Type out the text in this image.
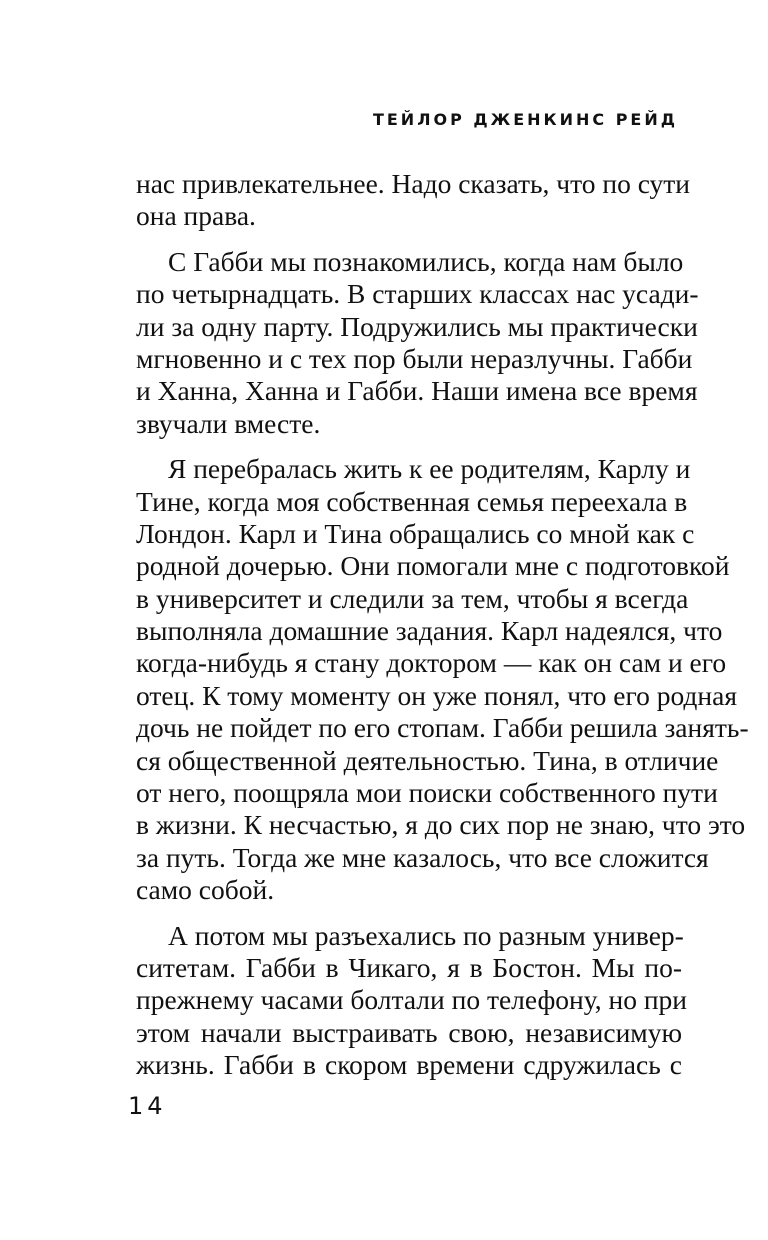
ТЕЙЛОР ДЖЕНКИНС РЕЙД

нас привлекательнее. Надо сказать, что по сути
она права.

С Габби мы познакомились, когда нам было
по четырнадцать. В старших классах нас усади-
ли за одну парту. Подружились мы практически
мгновенно и с тех пор были неразлучны. Габби
и Ханна, Ханна и Габби. Наши имена все время
звучали вместе.

Я перебралась жить к ее родителям, Карлу и
Тине, когда моя собственная семья переехала в
Лондон. Карл и Тина обращались со мной как с
родной дочерью. Они помогали мне с подготовкой
в университет и следили за тем, чтобы я всегда
выполняла домашние задания. Карл надеялся, что
когда-нибудь я стану доктором — как он сам и его
отец. К тому моменту он уже понял, что его родная
дочь не пойдет по его стопам. Габби решила занять-
ся общественной деятельностью. Тина, в отличие
от него, поощряла мои поиски собственного пути
в жизни. К несчастью, я до сих пор не знаю, что это
за путь. Тогда же мне казалось, что все сложится
само собой.

А потом мы разъехались по разным универ-
ситетам. Габби в Чикаго, я в Бостон. Мы по-
прежнему часами болтали по телефону, но при
этом начали выстраивать свою, независимую
жизнь. Габби в скором времени сдружилась с

14
